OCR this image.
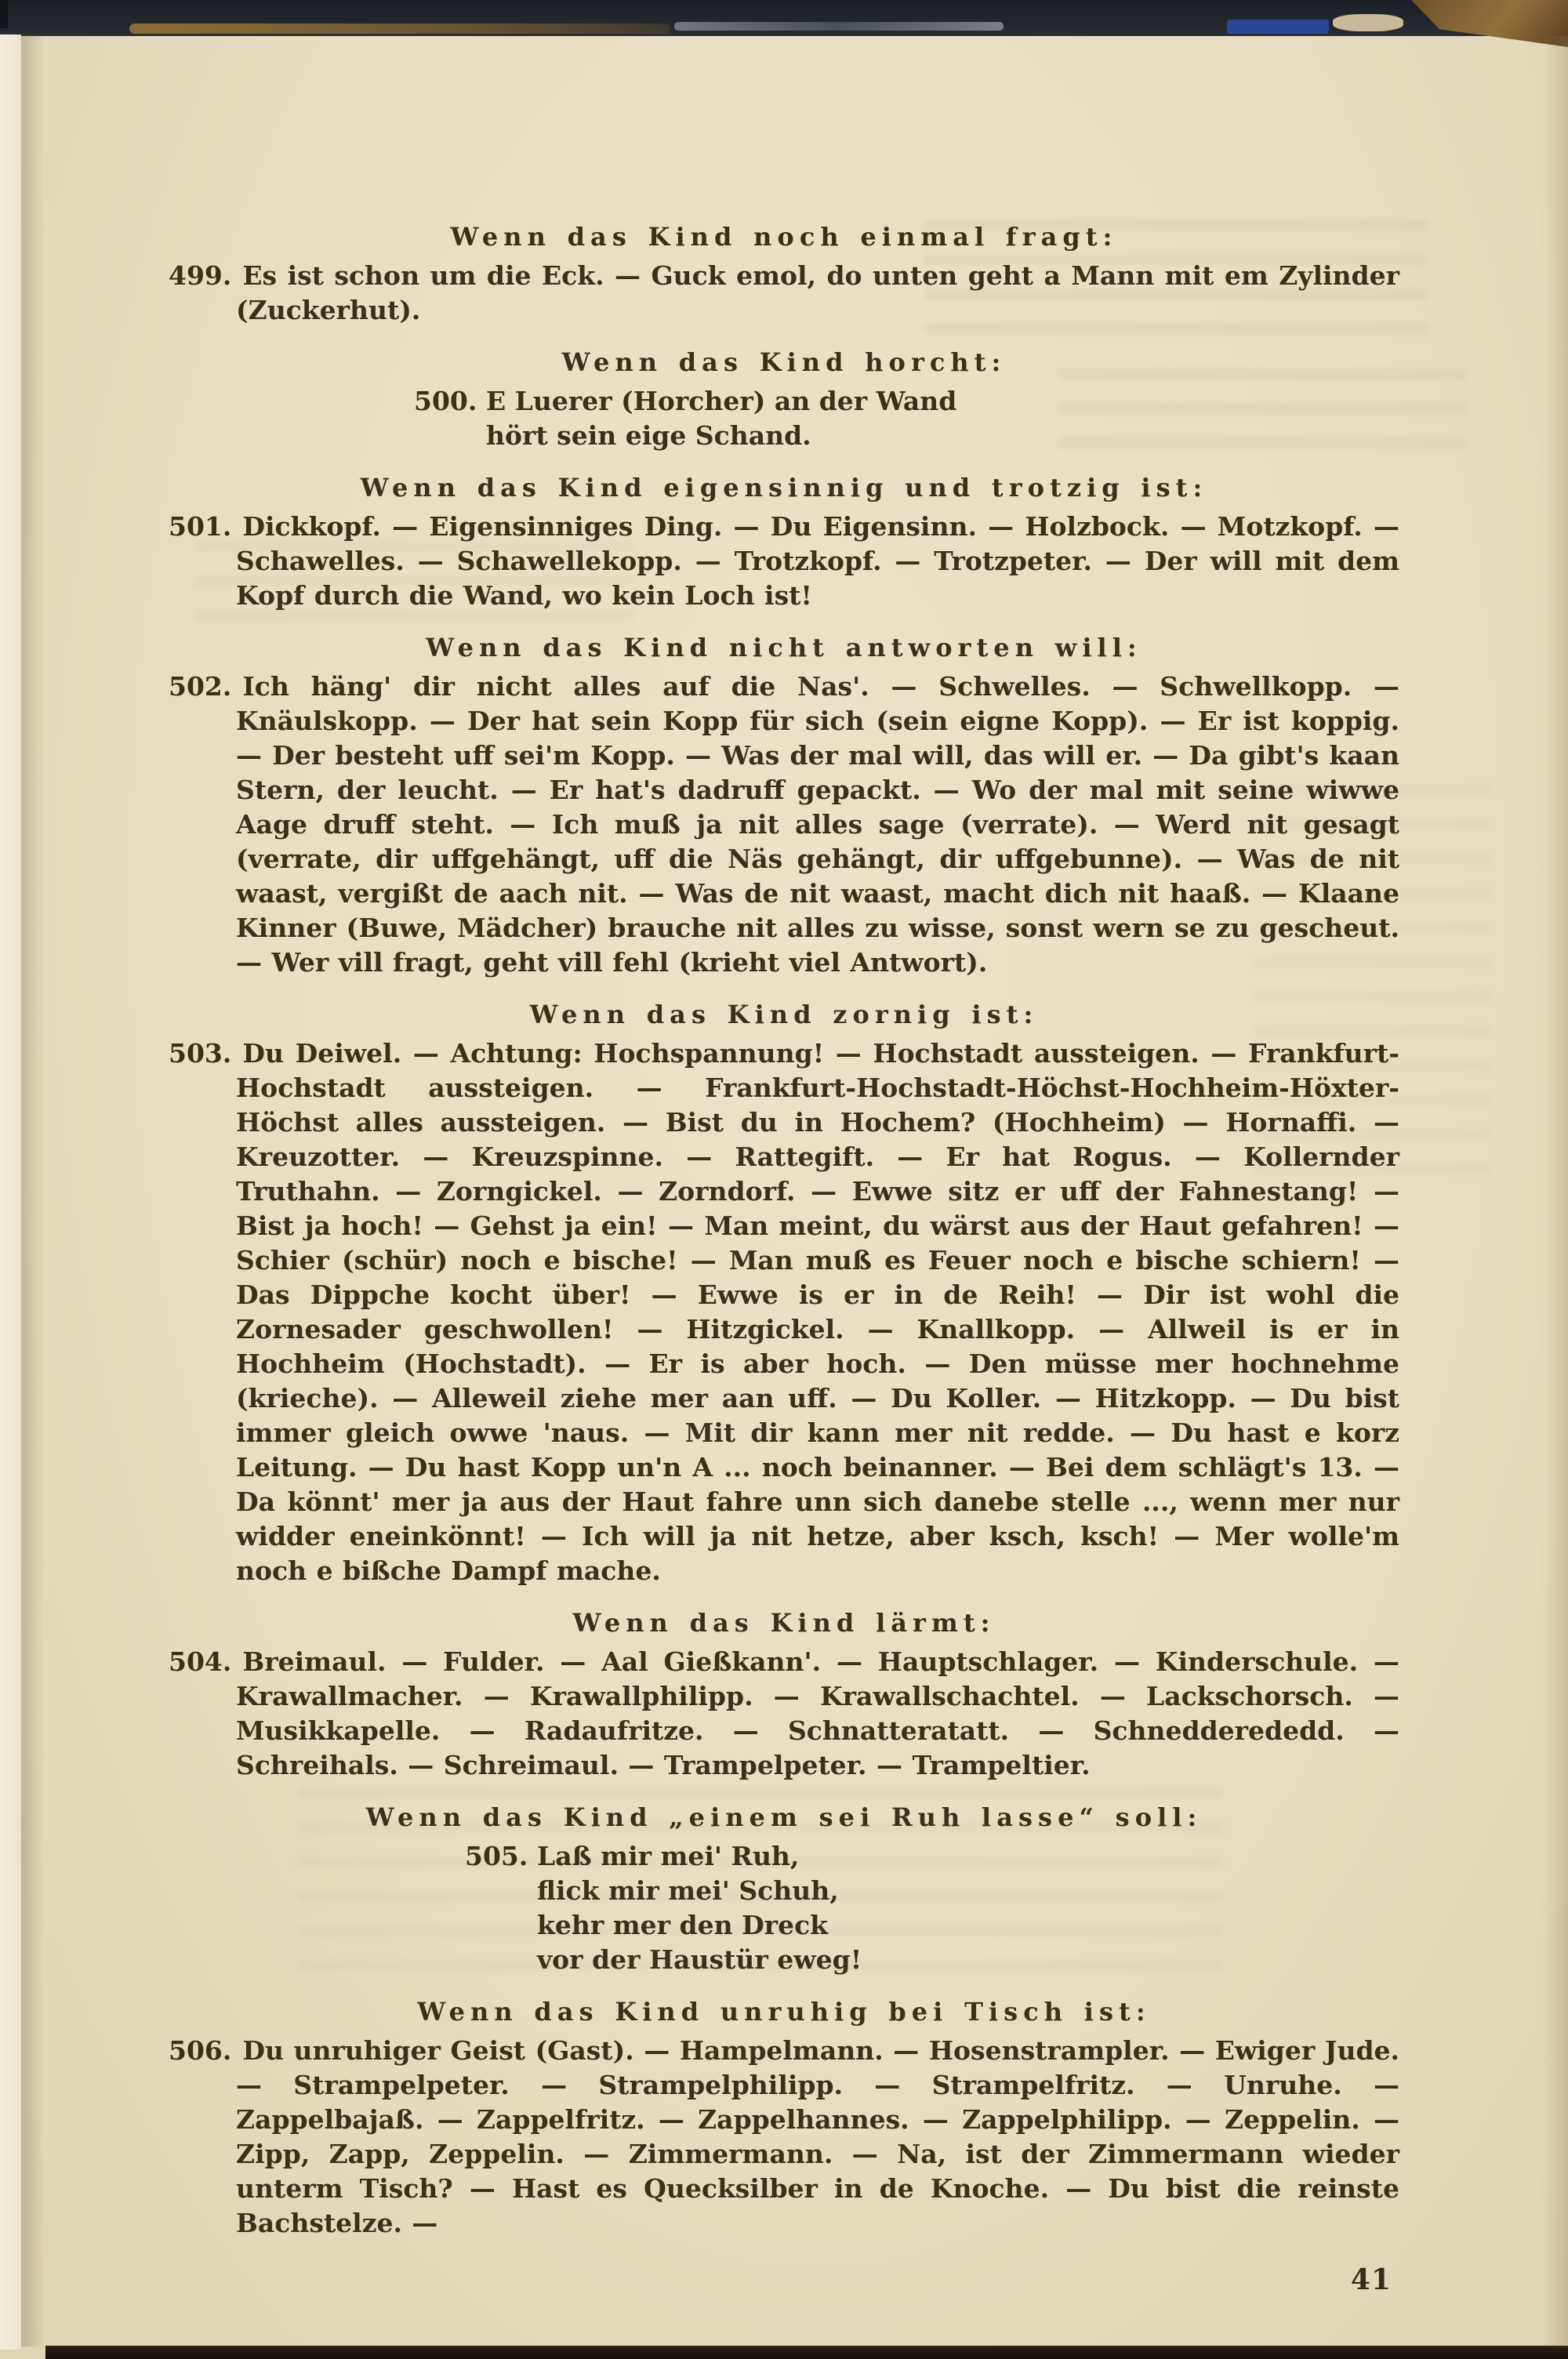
Wenn das Kind noch einmal fragt:

499. Es ist schon um die Eck. — Guck emol, do unten geht a Mann mit em Zylinder (Zuckerhut).

Wenn das Kind horcht:
500. E Luerer (Horcher) an der Wand
hört sein eige Schand.
Wenn das Kind eigensinnig und trotzig ist:

501. Dickkopf. — Eigensinniges Ding. — Du Eigensinn. — Holzbock. — Motzkopf. — Schawelles. — Schawellekopp. — Trotzkopf. — Trotzpeter. — Der will mit dem Kopf durch die Wand, wo kein Loch ist!

Wenn das Kind nicht antworten will:

502. Ich häng' dir nicht alles auf die Nas'. — Schwelles. — Schwellkopp. — Knäulskopp. — Der hat sein Kopp für sich (sein eigne Kopp). — Er ist koppig. — Der besteht uff sei'm Kopp. — Was der mal will, das will er. — Da gibt's kaan Stern, der leucht. — Er hat's dadruff gepackt. — Wo der mal mit seine wiwwe Aage druff steht. — Ich muß ja nit alles sage (verrate). — Werd nit gesagt (verrate, dir uffgehängt, uff die Näs gehängt, dir uffgebunne). — Was de nit waast, vergißt de aach nit. — Was de nit waast, macht dich nit haaß. — Klaane Kinner (Buwe, Mädcher) brauche nit alles zu wisse, sonst wern se zu gescheut. — Wer vill fragt, geht vill fehl (krieht viel Antwort).

Wenn das Kind zornig ist:

503. Du Deiwel. — Achtung: Hochspannung! — Hochstadt aussteigen. — Frankfurt-Hochstadt aussteigen. — Frankfurt-Hochstadt-Höchst-Hochheim-Höxter-Höchst alles aussteigen. — Bist du in Hochem? (Hochheim) — Hornaffi. — Kreuzotter. — Kreuzspinne. — Rattegift. — Er hat Rogus. — Kollernder Truthahn. — Zorngickel. — Zorndorf. — Ewwe sitz er uff der Fahnestang! — Bist ja hoch! — Gehst ja ein! — Man meint, du wärst aus der Haut gefahren! — Schier (schür) noch e bische! — Man muß es Feuer noch e bische schiern! — Das Dippche kocht über! — Ewwe is er in de Reih! — Dir ist wohl die Zornesader geschwollen! — Hitzgickel. — Knallkopp. — Allweil is er in Hochheim (Hochstadt). — Er is aber hoch. — Den müsse mer hochnehme (krieche). — Alleweil ziehe mer aan uff. — Du Koller. — Hitzkopp. — Du bist immer gleich owwe 'naus. — Mit dir kann mer nit redde. — Du hast e korz Leitung. — Du hast Kopp un'n A ... noch beinanner. — Bei dem schlägt's 13. — Da könnt' mer ja aus der Haut fahre unn sich danebe stelle ..., wenn mer nur widder eneinkönnt! — Ich will ja nit hetze, aber ksch, ksch! — Mer wolle'm noch e bißche Dampf mache.

Wenn das Kind lärmt:

504. Breimaul. — Fulder. — Aal Gießkann'. — Hauptschlager. — Kinderschule. — Krawallmacher. — Krawallphilipp. — Krawallschachtel. — Lackschorsch. — Musikkapelle. — Radaufritze. — Schnatteratatt. — Schnedderededd. — Schreihals. — Schreimaul. — Trampelpeter. — Trampeltier.

Wenn das Kind „einem sei Ruh lasse“ soll:
505. Laß mir mei' Ruh,
flick mir mei' Schuh,
kehr mer den Dreck
vor der Haustür eweg!
Wenn das Kind unruhig bei Tisch ist:

506. Du unruhiger Geist (Gast). — Hampelmann. — Hosenstrampler. — Ewiger Jude. — Strampelpeter. — Strampelphilipp. — Strampelfritz. — Unruhe. — Zappelbajaß. — Zappelfritz. — Zappelhannes. — Zappelphilipp. — Zeppelin. — Zipp, Zapp, Zeppelin. — Zimmermann. — Na, ist der Zimmermann wieder unterm Tisch? — Hast es Quecksilber in de Knoche. — Du bist die reinste Bachstelze. —

41
